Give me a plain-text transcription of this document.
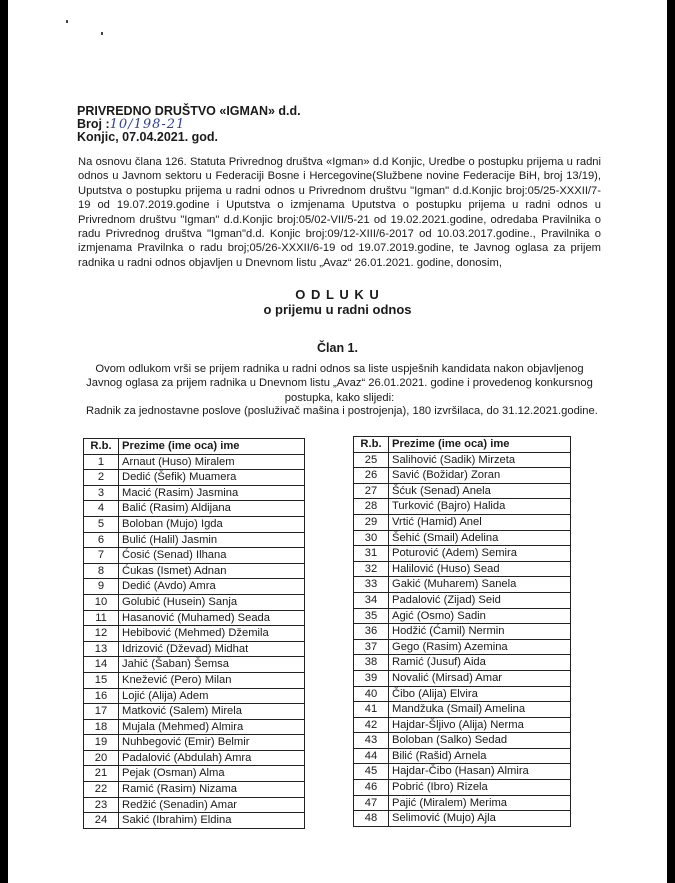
PRIVREDNO DRUŠTVO «IGMAN» d.d.
Broj :10/198-21
Konjic, 07.04.2021. god.
Na osnovu člana 126. Statuta Privrednog društva «Igman» d.d Konjic, Uredbe o postupku prijema u radni odnos u Javnom sektoru u Federaciji Bosne i Hercegovine(Službene novine Federacije BiH, broj 13/19), Uputstva o postupku prijema u radni odnos u Privrednom društvu "Igman" d.d.Konjic broj:05/25-XXXII/7-19 od 19.07.2019.godine i Uputstva o izmjenama Uputstva o postupku prijema u radni odnos u Privrednom društvu "Igman" d.d.Konjic broj:05/02-VII/5-21 od 19.02.2021.godine, odredaba Pravilnika o radu Privrednog društva "Igman"d.d. Konjic broj:09/12-XIII/6-2017 od 10.03.2017.godine., Pravilnika o izmjenama Pravilnka o radu broj;05/26-XXXII/6-19 od 19.07.2019.godine, te Javnog oglasa za prijem radnika u radni odnos objavljen u Dnevnom listu „Avaz“ 26.01.2021. godine, donosim,
O D L U K U
o prijemu u radni odnos
Član 1.
Ovom odlukom vrši se prijem radnika u radni odnos sa liste uspješnih kandidata nakon objavljenog Javnog oglasa za prijem radnika u Dnevnom listu „Avaz“ 26.01.2021. godine i provedenog konkursnog postupka, kako slijedi:
Radnik za jednostavne poslove (posluživač mašina i postrojenja), 180 izvršilaca, do 31.12.2021.godine.
R.b.	Prezime (ime oca) ime
1	Arnaut (Huso) Miralem
2	Dedić (Šefik) Muamera
3	Macić (Rasim) Jasmina
4	Balić (Rasim) Aldijana
5	Boloban (Mujo) Igda
6	Bulić (Halil) Jasmin
7	Ćosić (Senad) Ilhana
8	Ćukas (Ismet) Adnan
9	Dedić (Avdo) Amra
10	Golubić (Husein) Sanja
11	Hasanović (Muhamed) Seada
12	Hebibović (Mehmed) Džemila
13	Idrizović (Dževad) Midhat
14	Jahić (Šaban) Šemsa
15	Knežević (Pero) Milan
16	Lojić (Alija) Adem
17	Matković (Salem) Mirela
18	Mujala (Mehmed) Almira
19	Nuhbegović (Emir) Belmir
20	Padalović (Abdulah) Amra
21	Pejak (Osman) Alma
22	Ramić (Rasim) Nizama
23	Redžić (Senadin) Amar
24	Sakić (Ibrahim) Eldina
R.b.	Prezime (ime oca) ime
25	Salihović (Sadik) Mirzeta
26	Savić (Božidar) Zoran
27	Šćuk (Senad) Anela
28	Turković (Bajro) Halida
29	Vrtić (Hamid) Anel
30	Šehić (Smail) Adelina
31	Poturović (Adem) Semira
32	Halilović (Huso) Sead
33	Gakić (Muharem) Sanela
34	Padalović (Zijad) Seid
35	Agić (Osmo) Sadin
36	Hodžić (Ćamil) Nermin
37	Gego (Rasim) Azemina
38	Ramić (Jusuf) Aida
39	Novalić (Mirsad) Amar
40	Čibo (Alija) Elvira
41	Mandžuka (Smail) Amelina
42	Hajdar-Šljivo (Alija) Nerma
43	Boloban (Salko) Sedad
44	Bilić (Rašid) Arnela
45	Hajdar-Čibo (Hasan) Almira
46	Pobrić (Ibro) Rizela
47	Pajić (Miralem) Merima
48	Selimović (Mujo) Ajla
